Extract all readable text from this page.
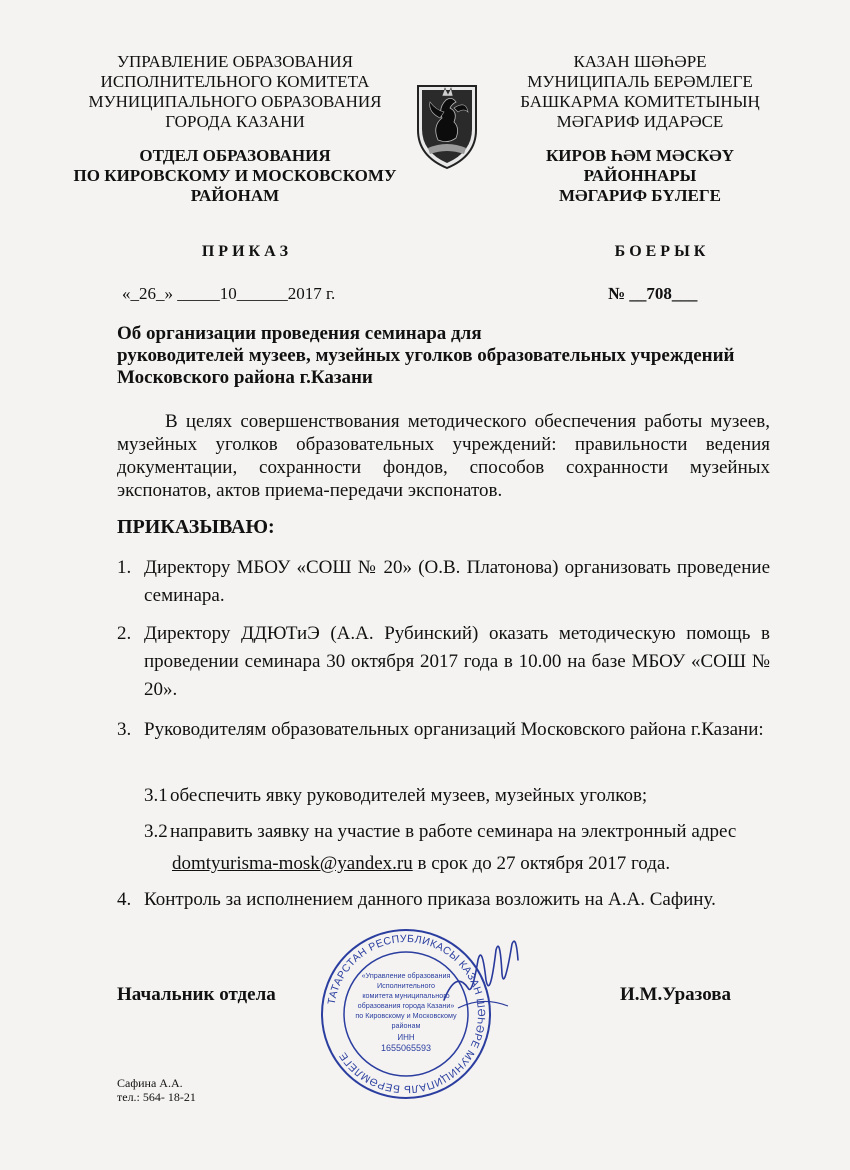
УПРАВЛЕНИЕ ОБРАЗОВАНИЯ
ИСПОЛНИТЕЛЬНОГО КОМИТЕТА
МУНИЦИПАЛЬНОГО ОБРАЗОВАНИЯ
ГОРОДА КАЗАНИ
ОТДЕЛ ОБРАЗОВАНИЯ
ПО КИРОВСКОМУ И МОСКОВСКОМУ
РАЙОНАМ
КАЗАН ШӘҺӘРЕ
МУНИЦИПАЛЬ БЕРӘМЛЕГЕ
БАШКАРМА КОМИТЕТЫНЫҢ
МӘГАРИФ ИДАРӘСЕ
КИРОВ ҺӘМ МӘСКӘҮ
РАЙОННАРЫ
МӘГАРИФ БҮЛЕГЕ
П Р И К А З	Б О Е Р Ы К
«_26_» _____10______2017 г.	№ __708___
Об организации проведения семинара для
руководителей музеев, музейных уголков образовательных учреждений
Московского района г.Казани
В целях совершенствования методического обеспечения работы музеев, музейных уголков образовательных учреждений: правильности ведения документации, сохранности фондов, способов сохранности музейных экспонатов, актов приема-передачи экспонатов.
ПРИКАЗЫВАЮ:
1. Директору МБОУ «СОШ № 20» (О.В. Платонова) организовать проведение семинара.
2. Директору ДДЮТиЭ (А.А. Рубинский) оказать методическую помощь в проведении семинара 30 октября 2017 года в 10.00 на базе МБОУ «СОШ № 20».
3. Руководителям образовательных организаций Московского района г.Казани:
3.1 обеспечить явку руководителей музеев, музейных уголков;
3.2 направить заявку на участие в работе семинара на электронный адрес
domtyurisma-mosk@yandex.ru в срок до 27 октября 2017 года.
4. Контроль за исполнением данного приказа возложить на А.А. Сафину.
ТАТАРСТАН РЕСПУБЛИКАСЫ КАЗАН ШӘҺӘРЕ МУНИЦИПАЛЬ БЕРӘМЛЕГЕ
«Управление образования
Исполнительного
комитета муниципального
образования города Казани»
по Кировскому и Московскому
районам
ИНН
1655065593
Начальник отдела	И.М.Уразова
Сафина А.А.
тел.: 564- 18-21
